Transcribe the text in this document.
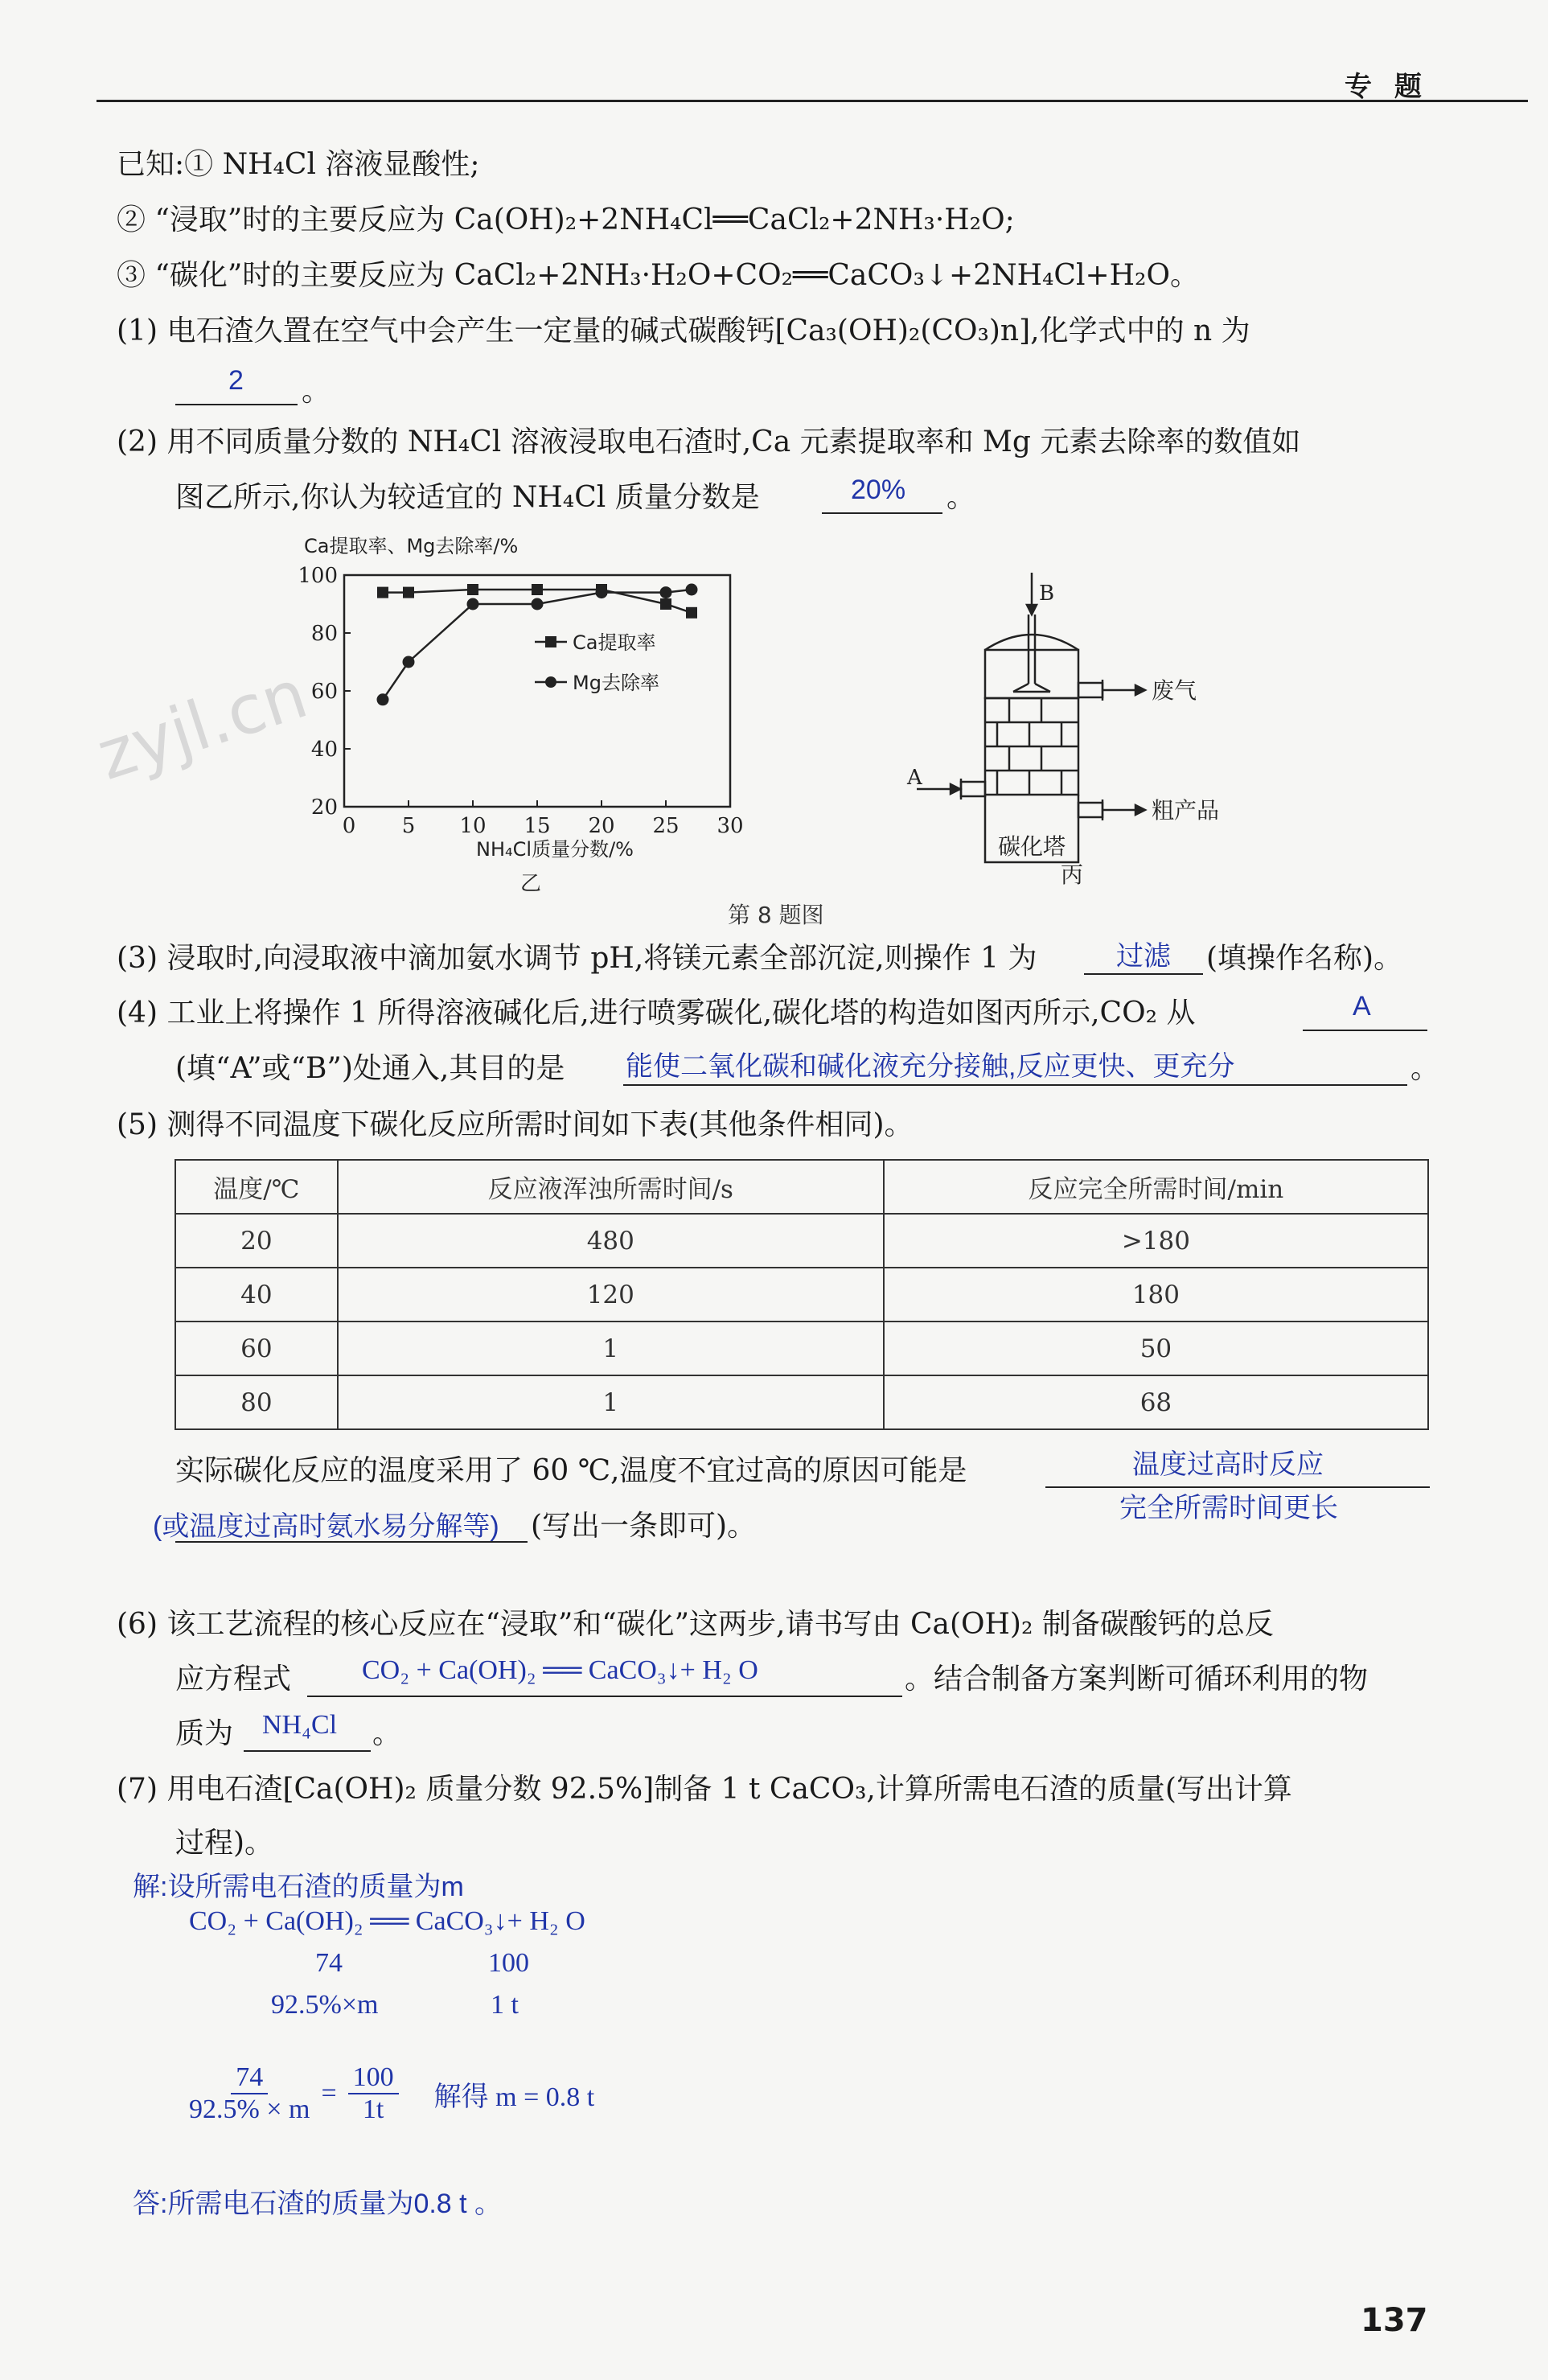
专 题
zyjl.cn
已知:① NH₄Cl 溶液显酸性;
② “浸取”时的主要反应为 Ca(OH)₂+2NH₄Cl══CaCl₂+2NH₃·H₂O;
③ “碳化”时的主要反应为 CaCl₂+2NH₃·H₂O+CO₂══CaCO₃↓+2NH₄Cl+H₂O。
(1) 电石渣久置在空气中会产生一定量的碱式碳酸钙[Ca₃(OH)₂(CO₃)n],化学式中的 n 为
。
2
(2) 用不同质量分数的 NH₄Cl 溶液浸取电石渣时,Ca 元素提取率和 Mg 元素去除率的数值如
图乙所示,你认为较适宜的 NH₄Cl 质量分数是	。
20%
Ca提取率、Mg去除率/%
20
40
60
80
100
0 5 10 15 20 25 30
Ca提取率
Mg去除率
NH₄Cl质量分数/%
乙
B
A
废气
粗产品
碳化塔
丙
第 8 题图
(3) 浸取时,向浸取液中滴加氨水调节 pH,将镁元素全部沉淀,则操作 1 为	(填操作名称)。
过滤
(4) 工业上将操作 1 所得溶液碱化后,进行喷雾碳化,碳化塔的构造如图丙所示,CO₂ 从	A
(填“A”或“B”)处通入,其目的是	。
能使二氧化碳和碱化液充分接触,反应更快、更充分
(5) 测得不同温度下碳化反应所需时间如下表(其他条件相同)。
温度/℃	反应液浑浊所需时间/s	反应完全所需时间/min
20	480	>180
40	120	180
60	1	50
80	1	68
实际碳化反应的温度采用了 60 ℃,温度不宜过高的原因可能是	温度过高时反应
完全所需时间更长
(或温度过高时氨水易分解等) (写出一条即可)。
(6) 该工艺流程的核心反应在“浸取”和“碳化”这两步,请书写由 Ca(OH)₂ 制备碳酸钙的总反
应方程式	CO₂ + Ca(OH)₂ ══ CaCO₃↓+ H₂ O	。结合制备方案判断可循环利用的物
质为 NH₄Cl 。
(7) 用电石渣[Ca(OH)₂ 质量分数 92.5%]制备 1 t CaCO₃,计算所需电石渣的质量(写出计算
过程)。
解:设所需电石渣的质量为m
CO₂ + Ca(OH)₂ ══ CaCO₃↓+ H₂ O
74	100
92.5%×m	1 t
$\frac{74}{92.5\% \times m} = \frac{100}{1t}$ 解得 m = 0.8 t
答:所需电石渣的质量为0.8 t 。
137
